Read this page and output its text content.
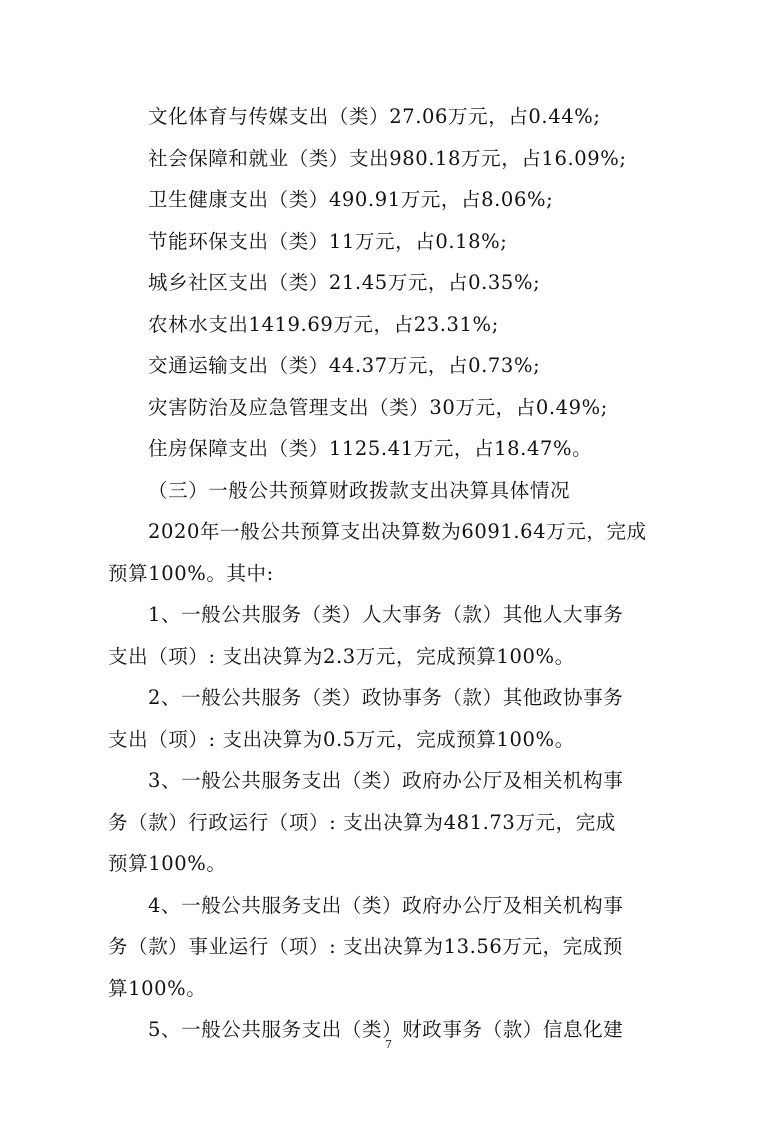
文化体育与传媒支出（类）27.06万元，占0.44%;
社会保障和就业（类）支出980.18万元，占16.09%;
卫生健康支出（类）490.91万元，占8.06%;
节能环保支出（类）11万元，占0.18%;
城乡社区支出（类）21.45万元，占0.35%;
农林水支出1419.69万元，占23.31%;
交通运输支出（类）44.37万元，占0.73%;
灾害防治及应急管理支出（类）30万元，占0.49%;
住房保障支出（类）1125.41万元，占18.47%。
（三）一般公共预算财政拨款支出决算具体情况
2020年一般公共预算支出决算数为6091.64万元，完成
预算100%。其中:
1、一般公共服务（类）人大事务（款）其他人大事务
支出（项）: 支出决算为2.3万元，完成预算100%。
2、一般公共服务（类）政协事务（款）其他政协事务
支出（项）: 支出决算为0.5万元，完成预算100%。
3、一般公共服务支出（类）政府办公厅及相关机构事
务（款）行政运行（项）: 支出决算为481.73万元，完成
预算100%。
4、一般公共服务支出（类）政府办公厅及相关机构事
务（款）事业运行（项）: 支出决算为13.56万元，完成预
算100%。
5、一般公共服务支出（类）财政事务（款）信息化建
7
